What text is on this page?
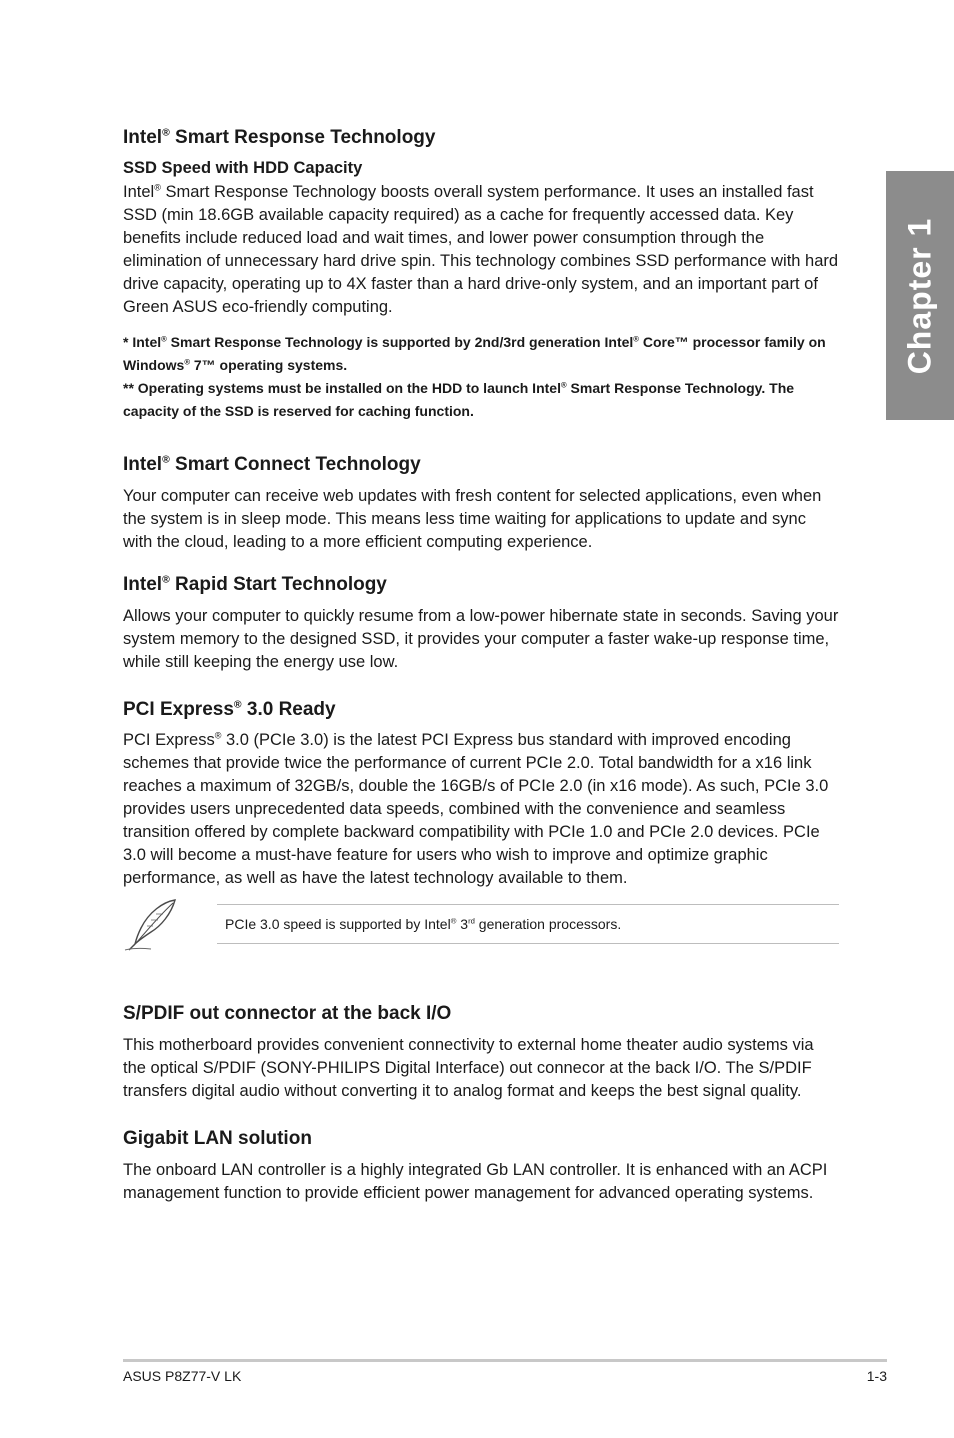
Chapter 1
Intel® Smart Response Technology
SSD Speed with HDD Capacity

Intel® Smart Response Technology boosts overall system performance. It uses an installed fast SSD (min 18.6GB available capacity required) as a cache for frequently accessed data. Key benefits include reduced load and wait times, and lower power consumption through the elimination of unnecessary hard drive spin. This technology combines SSD performance with hard drive capacity, operating up to 4X faster than a hard drive-only system, and an important part of Green ASUS eco-friendly computing.

* Intel® Smart Response Technology is supported by 2nd/3rd generation Intel® Core™ processor family on Windows® 7™ operating systems.
** Operating systems must be installed on the HDD to launch Intel® Smart Response Technology. The capacity of the SSD is reserved for caching function.
Intel® Smart Connect Technology

Your computer can receive web updates with fresh content for selected applications, even when the system is in sleep mode. This means less time waiting for applications to update and sync with the cloud, leading to a more efficient computing experience.

Intel® Rapid Start Technology

Allows your computer to quickly resume from a low-power hibernate state in seconds. Saving your system memory to the designed SSD, it provides your computer a faster wake-up response time, while still keeping the energy use low.

PCI Express® 3.0 Ready

PCI Express® 3.0 (PCIe 3.0) is the latest PCI Express bus standard with improved encoding schemes that provide twice the performance of current PCIe 2.0. Total bandwidth for a x16 link reaches a maximum of 32GB/s, double the 16GB/s of PCIe 2.0 (in x16 mode). As such, PCIe 3.0 provides users unprecedented data speeds, combined with the convenience and seamless transition offered by complete backward compatibility with PCIe 1.0 and PCIe 2.0 devices. PCIe 3.0 will become a must-have feature for users who wish to improve and optimize graphic performance, as well as have the latest technology available to them.

PCIe 3.0 speed is supported by Intel® 3rd generation processors.
S/PDIF out connector at the back I/O

This motherboard provides convenient connectivity to external home theater audio systems via the optical S/PDIF (SONY-PHILIPS Digital Interface) out connecor at the back I/O. The S/PDIF transfers digital audio without converting it to analog format and keeps the best signal quality.

Gigabit LAN solution

The onboard LAN controller is a highly integrated Gb LAN controller. It is enhanced with an ACPI management function to provide efficient power management for advanced operating systems.

ASUS P8Z77-V LK	1-3
